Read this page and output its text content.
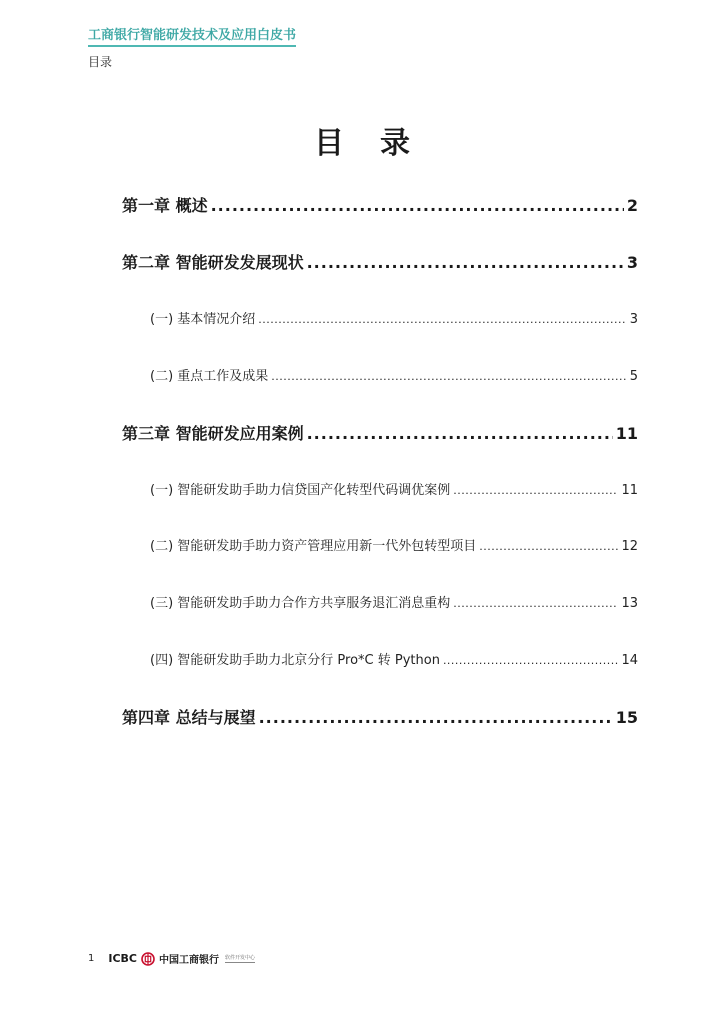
工商银行智能研发技术及应用白皮书
目录
目录
第一章 概述 .....	2
第二章 智能研发发展现状 .....	3
(一) 基本情况介绍 .....	3
(二) 重点工作及成果 .....	5
第三章 智能研发应用案例 .....	11
(一) 智能研发助手助力信贷国产化转型代码调优案例 .....	11
(二) 智能研发助手助力资产管理应用新一代外包转型项目 .....	12
(三) 智能研发助手助力合作方共享服务退汇消息重构 .....	13
(四) 智能研发助手助力北京分行 Pro*C 转 Python .....	14
第四章 总结与展望 .....	15
1 ICBC 中国工商银行 软件开发中心
